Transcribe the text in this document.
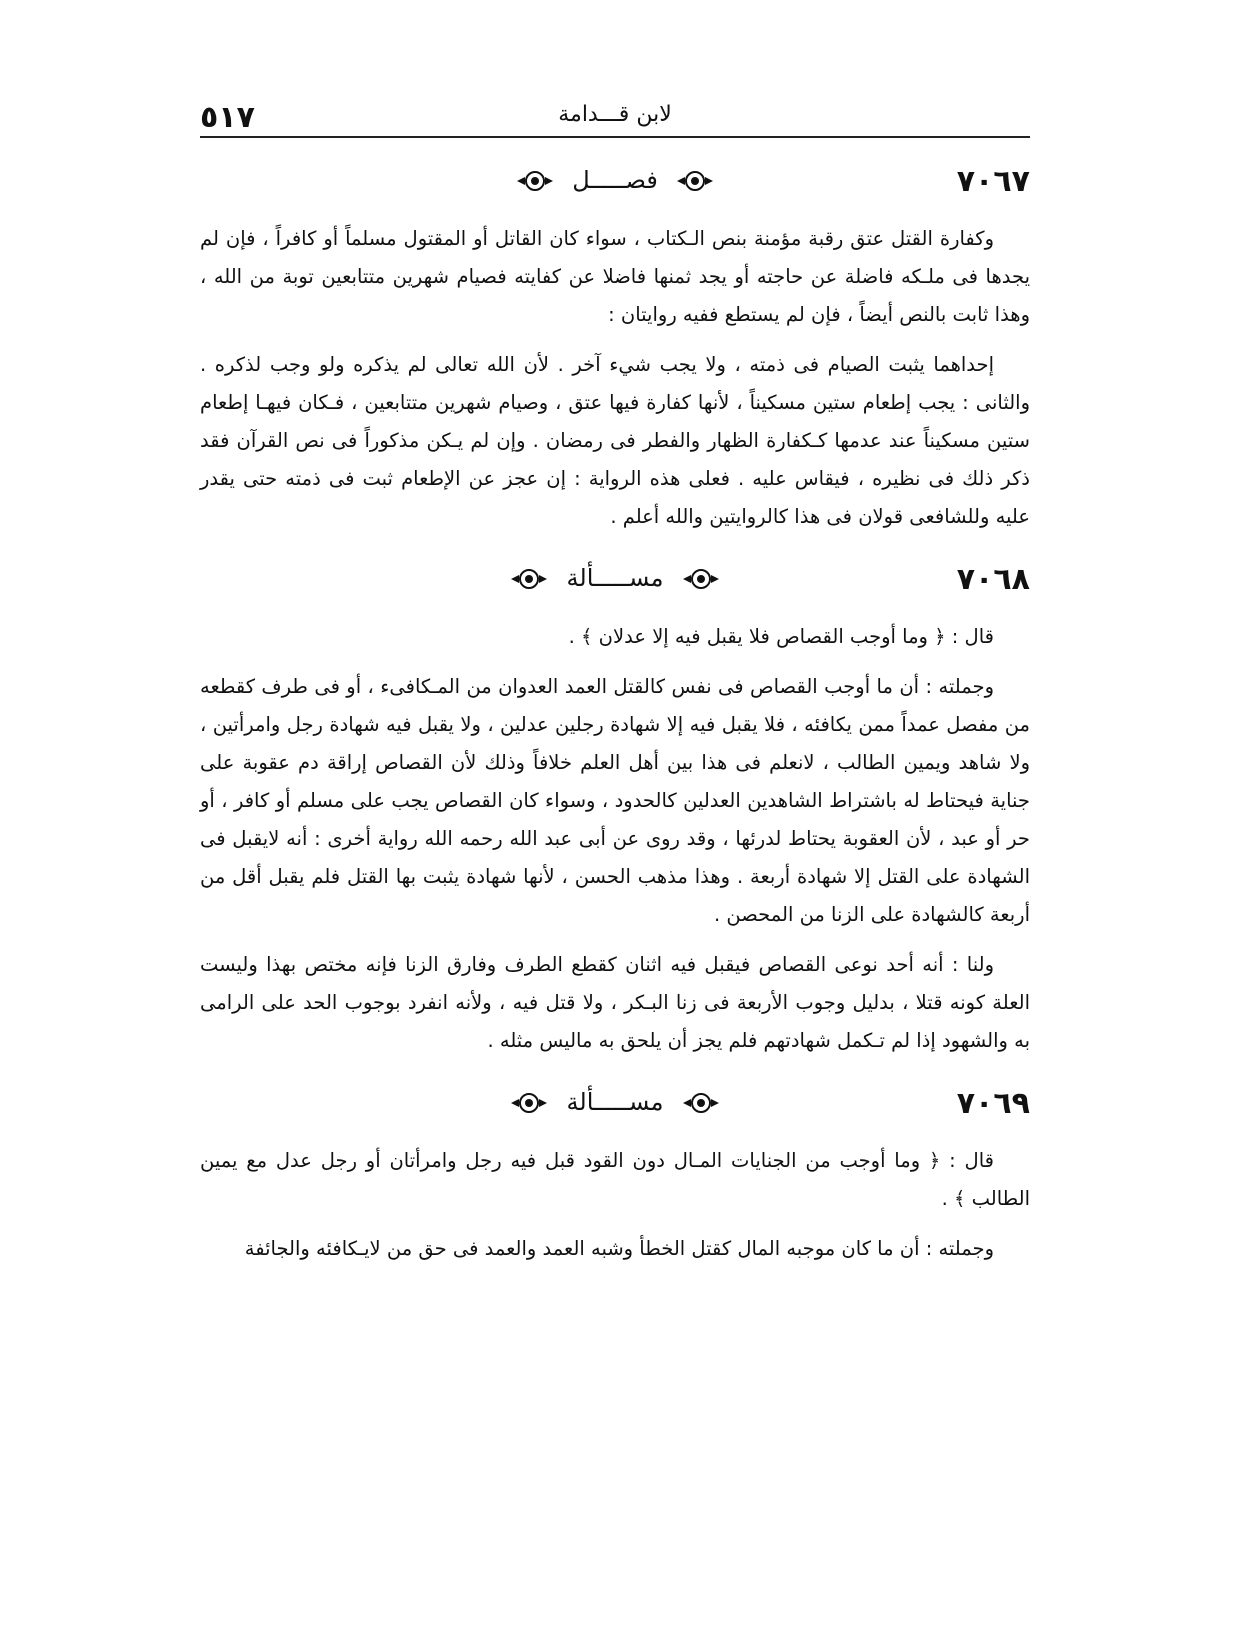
٥١٧	لابن قـــدامة
٧٠٦٧
فصـــــل

وكفارة القتل عتق رقبة مؤمنة بنص الـكتاب ، سواء كان القاتل أو المقتول مسلماً أو كافراً ، فإن لم يجدها فى ملـكه فاضلة عن حاجته أو يجد ثمنها فاضلا عن كفايته فصيام شهرين متتابعين توبة من الله ، وهذا ثابت بالنص أيضاً ، فإن لم يستطع ففيه روايتان :

إحداهما يثبت الصيام فى ذمته ، ولا يجب شيء آخر . لأن الله تعالى لم يذكره ولو وجب لذكره . والثانى : يجب إطعام ستين مسكيناً ، لأنها كفارة فيها عتق ، وصيام شهرين متتابعين ، فـكان فيهـا إطعام ستين مسكيناً عند عدمها كـكفارة الظهار والفطر فى رمضان . وإن لم يـكن مذكوراً فى نص القرآن فقد ذكر ذلك فى نظيره ، فيقاس عليه . فعلى هذه الرواية : إن عجز عن الإطعام ثبت فى ذمته حتى يقدر عليه وللشافعى قولان فى هذا كالروايتين والله أعلم .

٧٠٦٨
مســـــألة

قال : ﴿ وما أوجب القصاص فلا يقبل فيه إلا عدلان ﴾ .

وجملته : أن ما أوجب القصاص فى نفس كالقتل العمد العدوان من المـكافىء ، أو فى طرف كقطعه من مفصل عمداً ممن يكافئه ، فلا يقبل فيه إلا شهادة رجلين عدلين ، ولا يقبل فيه شهادة رجل وامرأتين ، ولا شاهد ويمين الطالب ، لانعلم فى هذا بين أهل العلم خلافاً وذلك لأن القصاص إراقة دم عقوبة على جناية فيحتاط له باشتراط الشاهدين العدلين كالحدود ، وسواء كان القصاص يجب على مسلم أو كافر ، أو حر أو عبد ، لأن العقوبة يحتاط لدرئها ، وقد روى عن أبى عبد الله رحمه الله رواية أخرى : أنه لايقبل فى الشهادة على القتل إلا شهادة أربعة . وهذا مذهب الحسن ، لأنها شهادة يثبت بها القتل فلم يقبل أقل من أربعة كالشهادة على الزنا من المحصن .

ولنا : أنه أحد نوعى القصاص فيقبل فيه اثنان كقطع الطرف وفارق الزنا فإنه مختص بهذا وليست العلة كونه قتلا ، بدليل وجوب الأربعة فى زنا البـكر ، ولا قتل فيه ، ولأنه انفرد بوجوب الحد على الرامى به والشهود إذا لم تـكمل شهادتهم فلم يجز أن يلحق به ماليس مثله .

٧٠٦٩
مســـــألة

قال : ﴿ وما أوجب من الجنايات المـال دون القود قبل فيه رجل وامرأتان أو رجل عدل مع يمين الطالب ﴾ .

وجملته : أن ما كان موجبه المال كقتل الخطأ وشبه العمد والعمد فى حق من لايـكافئه والجائفة
